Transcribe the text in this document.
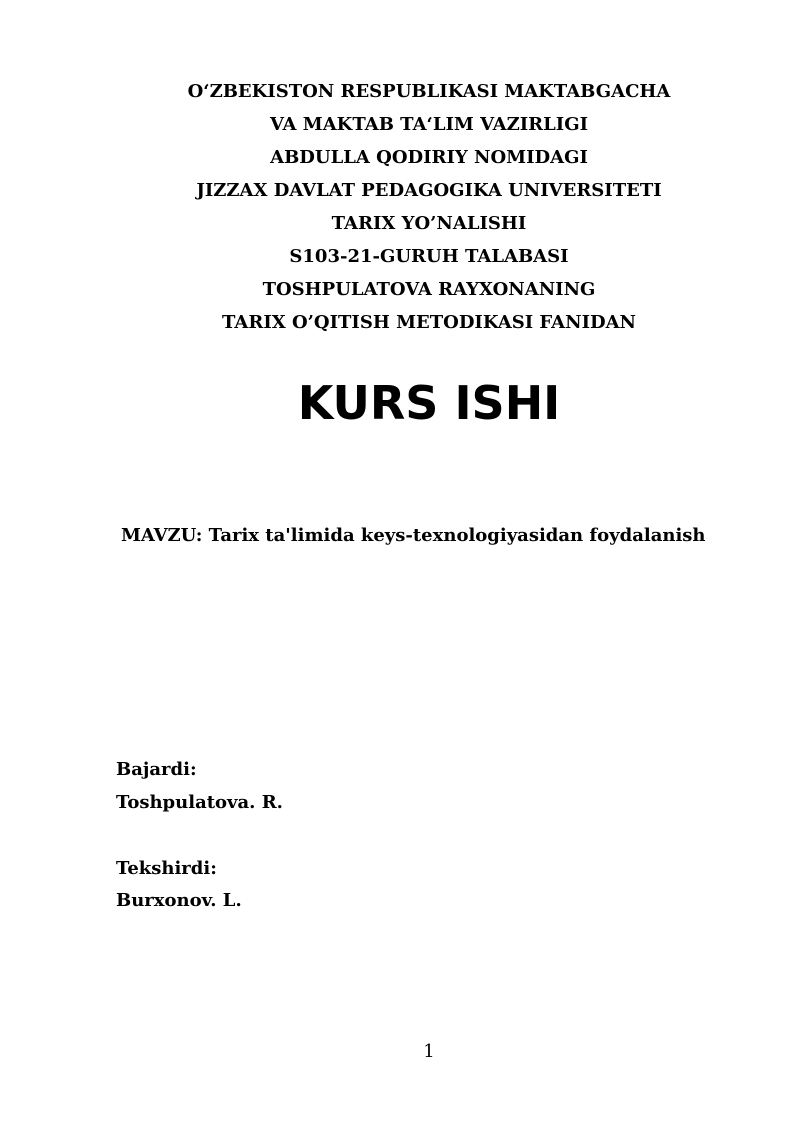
O‘ZBEKISTON RESPUBLIKASI MAKTABGACHA
VA MAKTAB TA‘LIM VAZIRLIGI
ABDULLA QODIRIY NOMIDAGI
JIZZAX DAVLAT PEDAGOGIKA UNIVERSITETI
TARIX YO’NALISHI
S103-21-GURUH TALABASI
TOSHPULATOVA RAYXONANING
TARIX O’QITISH METODIKASI FANIDAN
KURS ISHI
MAVZU: Tarix ta'limida keys-texnologiyasidan foydalanish
Bajardi:
Toshpulatova. R.
Tekshirdi:
Burxonov. L.
1
